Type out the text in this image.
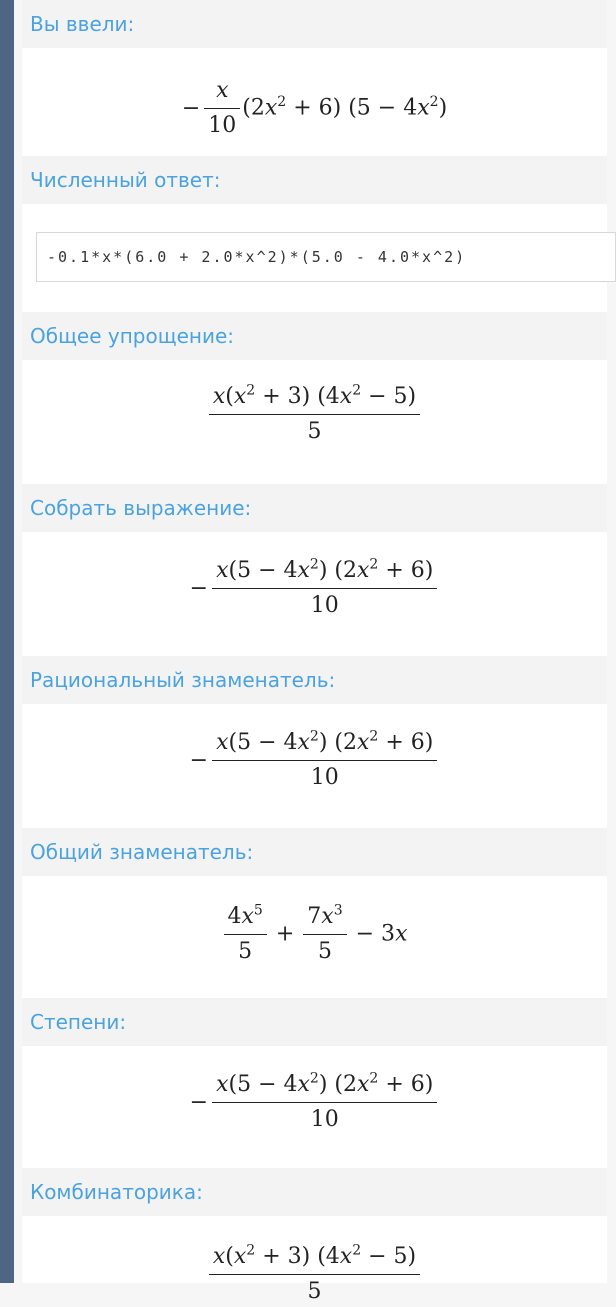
Вы ввели:
− $\frac{x}{10} (2x^2 + 6) (5 - 4x^2)$
Численный ответ:
-0.1*x*(6.0 + 2.0*x^2)*(5.0 - 4.0*x^2)
Общее упрощение:
$\frac{x(x^2 + 3) (4x^2 - 5)}{5}$
Собрать выражение:
− $\frac{x(5 - 4x^2) (2x^2 + 6)}{10}$
Рациональный знаменатель:
− $\frac{x(5 - 4x^2) (2x^2 + 6)}{10}$
Общий знаменатель:
$\frac{4x^5}{5} + \frac{7x^3}{5} - 3x$
Степени:
− $\frac{x(5 - 4x^2) (2x^2 + 6)}{10}$
Комбинаторика:
$\frac{x(x^2 + 3) (4x^2 - 5)}{5}$
